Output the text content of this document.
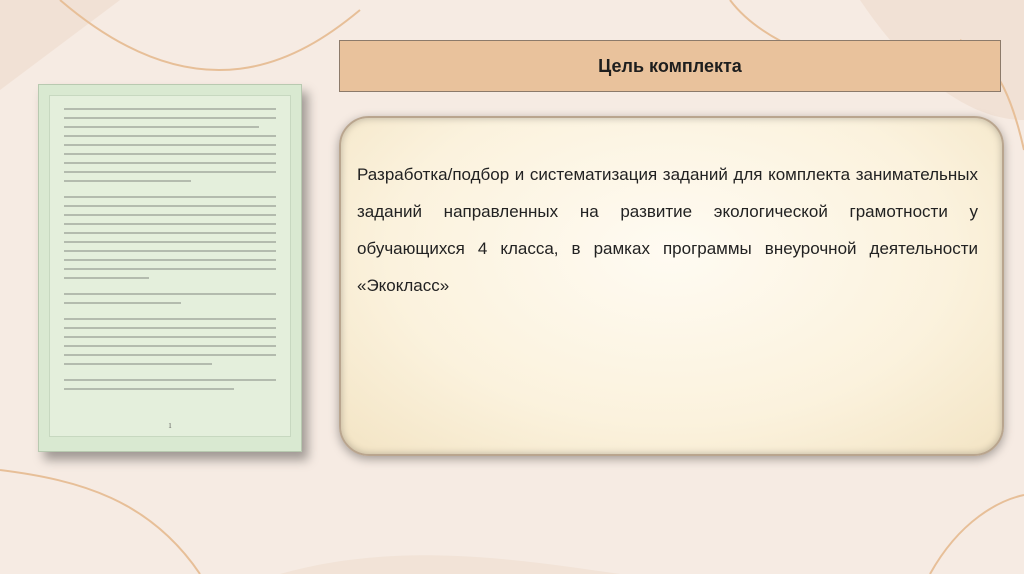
1
Цель комплекта
Разработка/подбор и систематизация заданий для комплекта занимательных заданий направленных на развитие экологической грамотности у обучающихся 4 класса, в рамках программы внеурочной деятельности «Экокласс»
